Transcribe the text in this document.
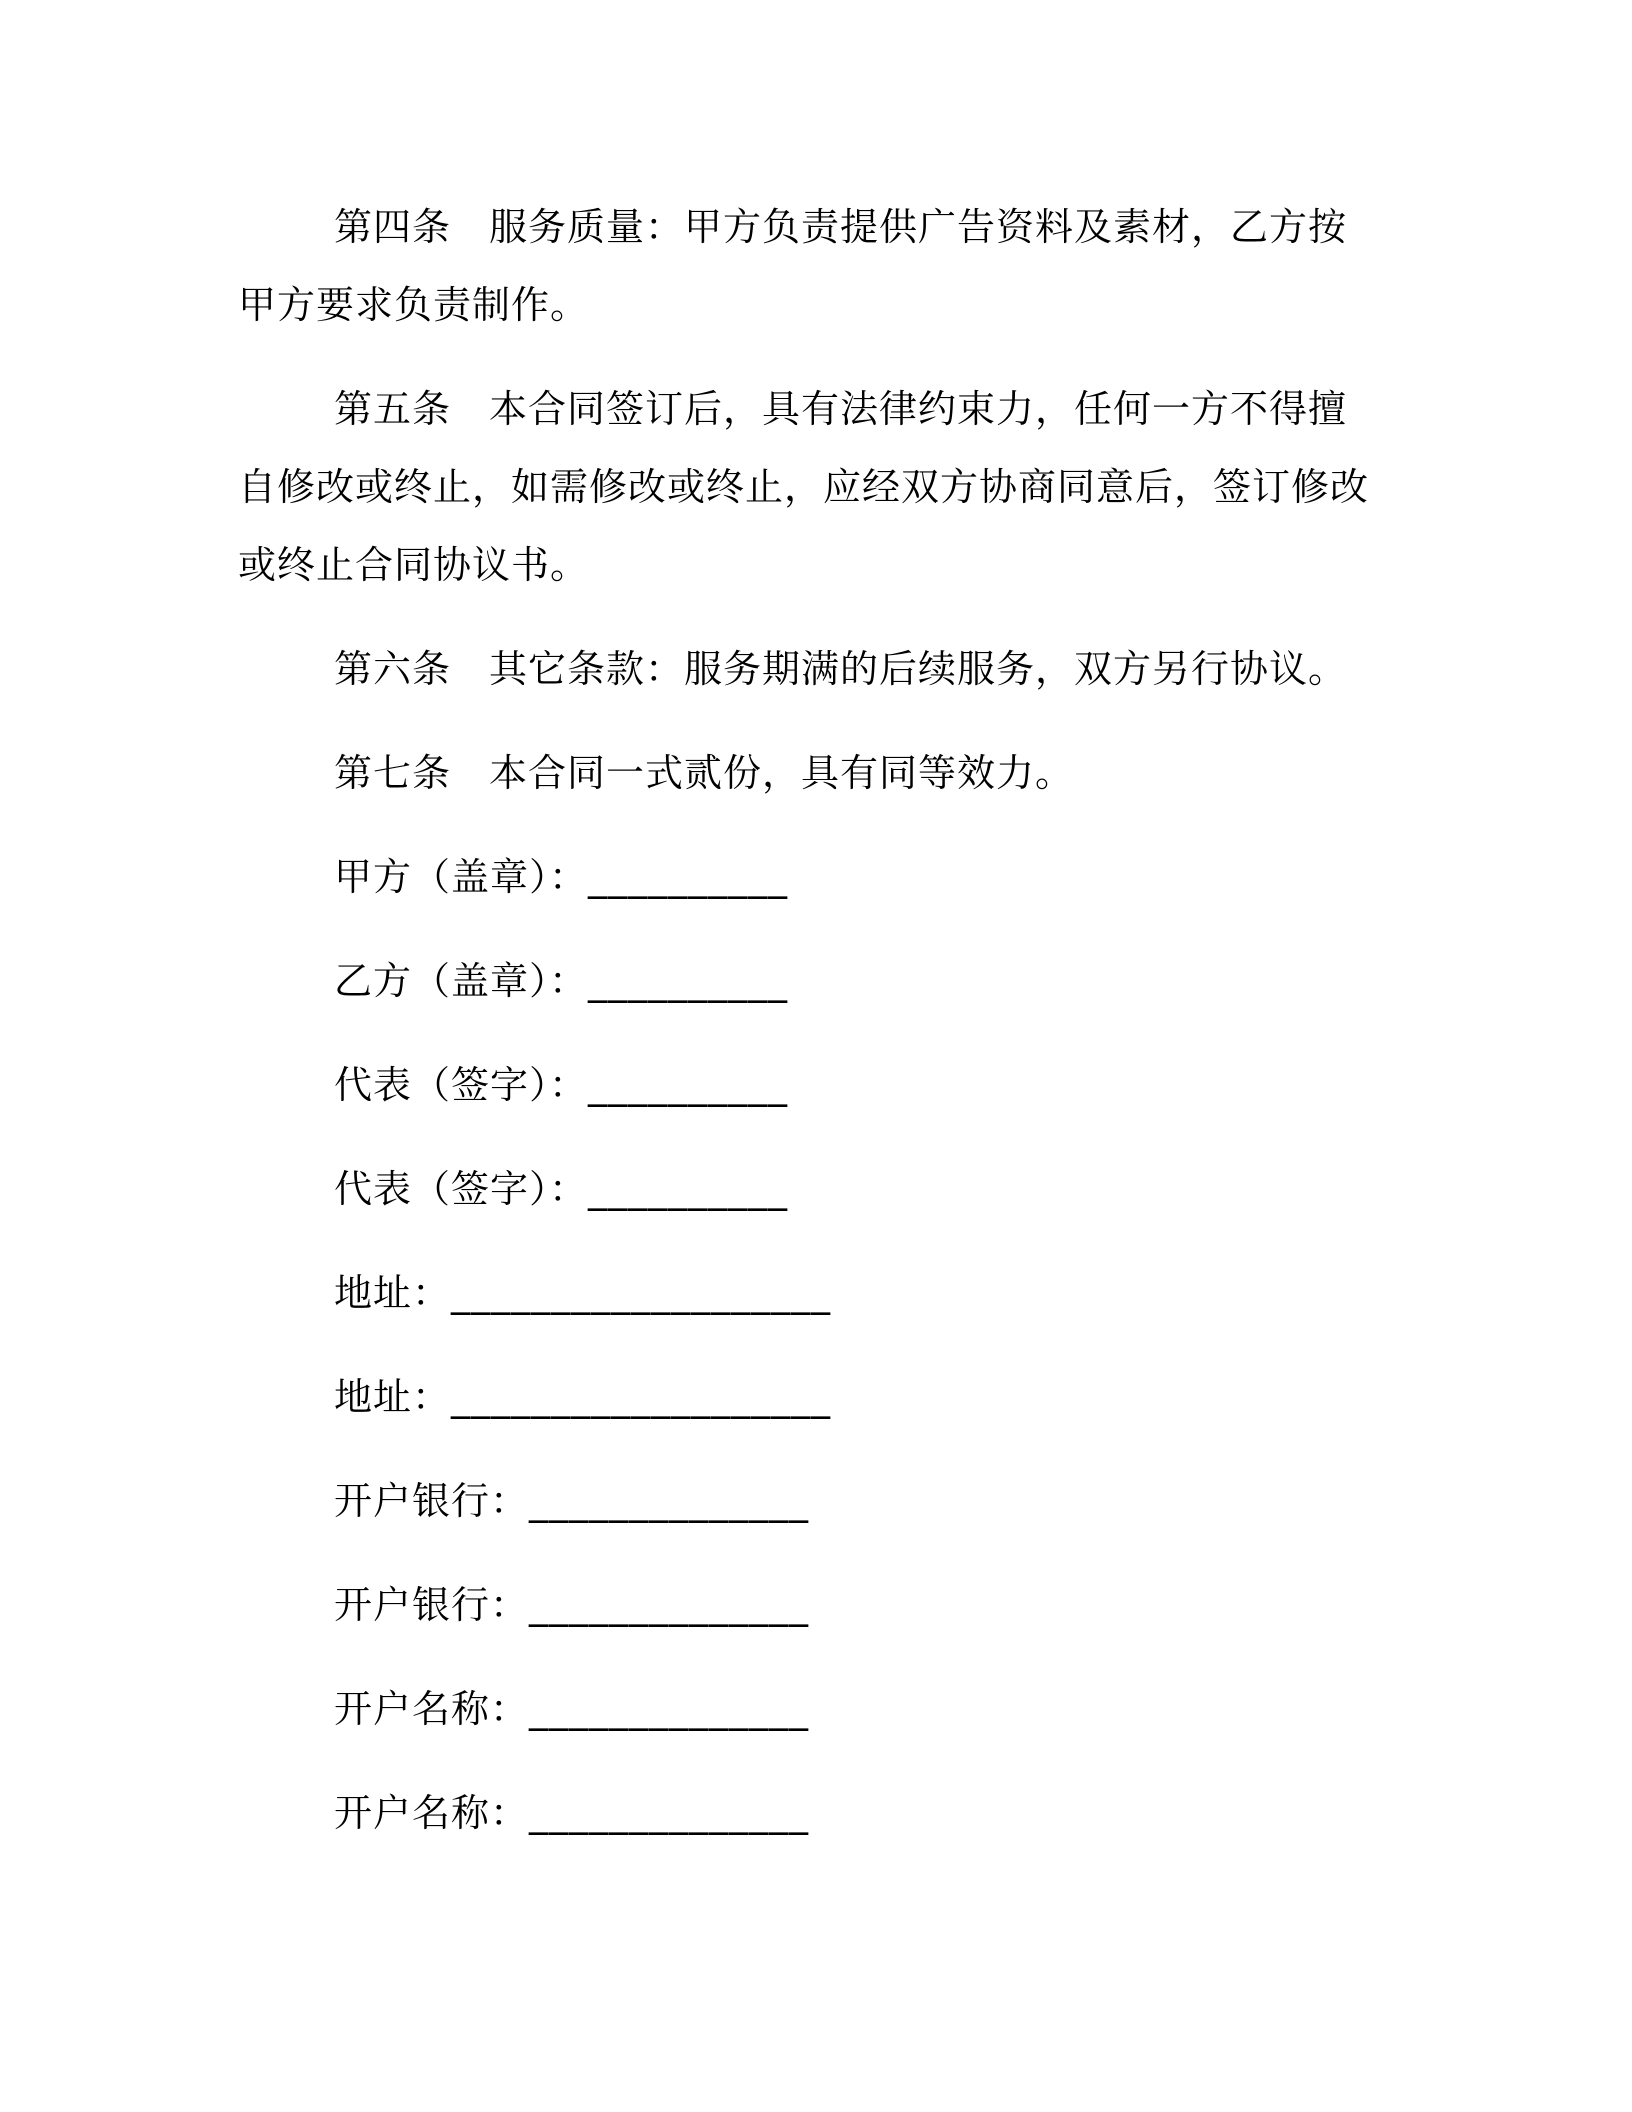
第四条 服务质量：甲方负责提供广告资料及素材，乙方按甲方要求负责制作。

第五条 本合同签订后，具有法律约束力，任何一方不得擅自修改或终止，如需修改或终止，应经双方协商同意后，签订修改或终止合同协议书。

第六条 其它条款：服务期满的后续服务，双方另行协议。

第七条 本合同一式贰份，具有同等效力。

甲方（盖章）：__________
乙方（盖章）：__________
代表（签字）：__________
代表（签字）：__________
地址：___________________
地址：___________________
开户银行：______________
开户银行：______________
开户名称：______________
开户名称：______________
